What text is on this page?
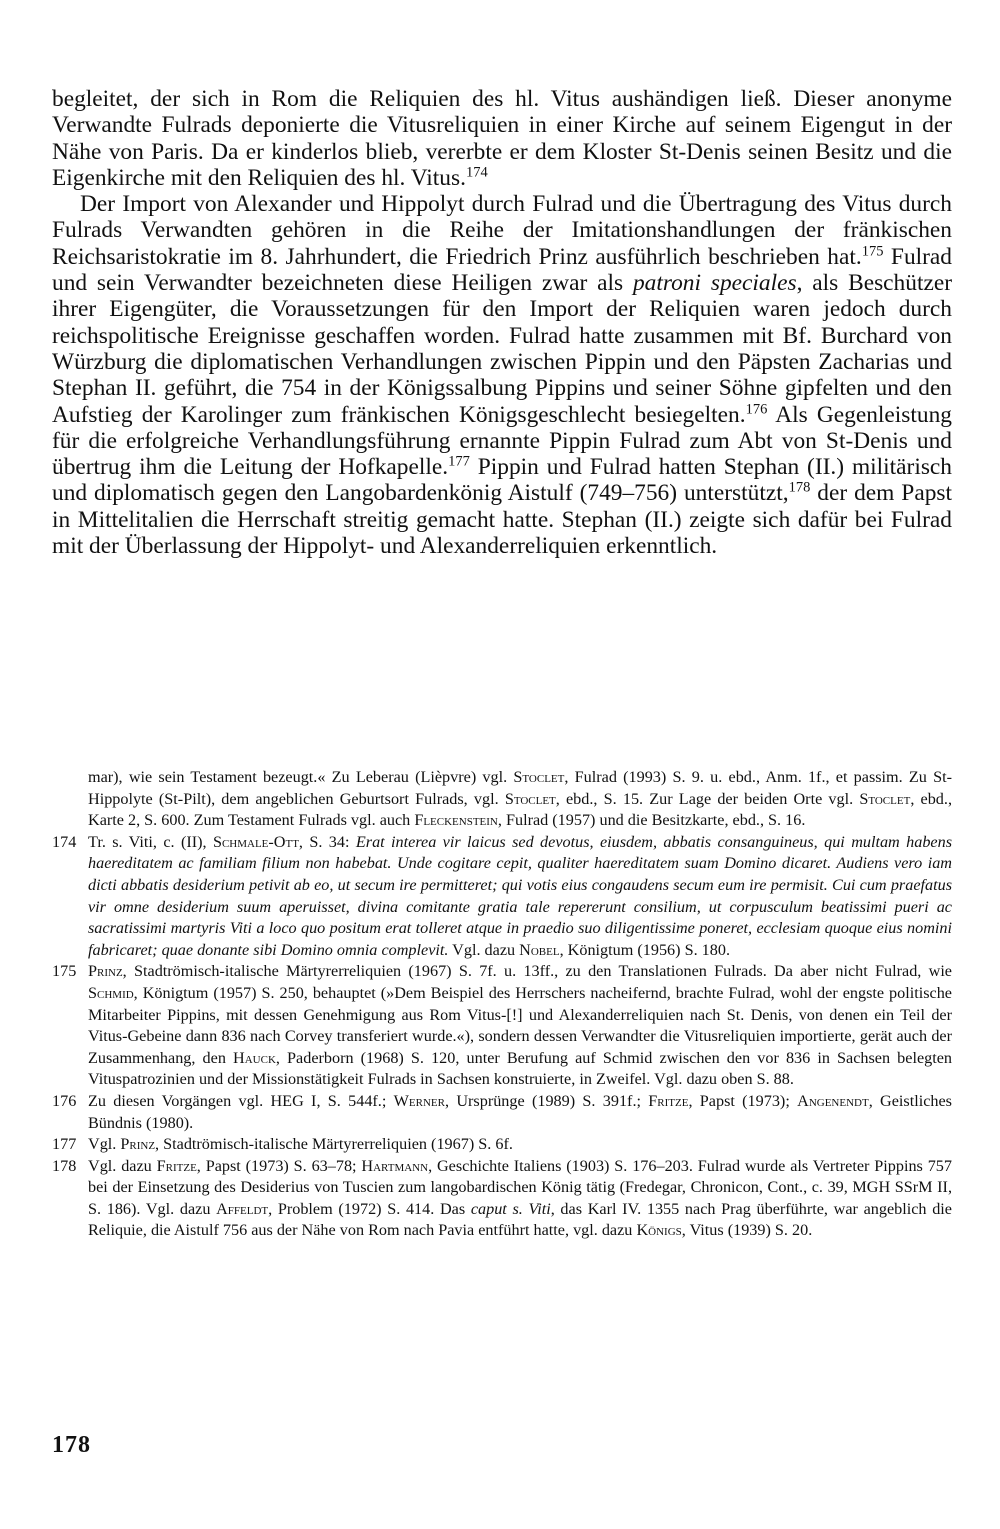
begleitet, der sich in Rom die Reliquien des hl. Vitus aushändigen ließ. Dieser anonyme Verwandte Fulrads deponierte die Vitusreliquien in einer Kirche auf seinem Eigengut in der Nähe von Paris. Da er kinderlos blieb, vererbte er dem Kloster St-Denis seinen Besitz und die Eigenkirche mit den Reliquien des hl. Vitus.$^{174}$

Der Import von Alexander und Hippolyt durch Fulrad und die Übertragung des Vitus durch Fulrads Verwandten gehören in die Reihe der Imitationshandlungen der fränkischen Reichsaristokratie im 8. Jahrhundert, die Friedrich Prinz ausführlich beschrieben hat.$^{175}$ Fulrad und sein Verwandter bezeichneten diese Heiligen zwar als patroni speciales, als Beschützer ihrer Eigengüter, die Voraussetzungen für den Import der Reliquien waren jedoch durch reichspolitische Ereignisse geschaffen worden. Fulrad hatte zusammen mit Bf. Burchard von Würzburg die diplomatischen Verhandlungen zwischen Pippin und den Päpsten Zacharias und Stephan II. geführt, die 754 in der Königssalbung Pippins und seiner Söhne gipfelten und den Aufstieg der Karolinger zum fränkischen Königsgeschlecht besiegelten.$^{176}$ Als Gegenleistung für die erfolgreiche Verhandlungsführung ernannte Pippin Fulrad zum Abt von St-Denis und übertrug ihm die Leitung der Hofkapelle.$^{177}$ Pippin und Fulrad hatten Stephan (II.) militärisch und diplomatisch gegen den Langobardenkönig Aistulf (749–756) unterstützt,$^{178}$ der dem Papst in Mittelitalien die Herrschaft streitig gemacht hatte. Stephan (II.) zeigte sich dafür bei Fulrad mit der Überlassung der Hippolyt- und Alexanderreliquien erkenntlich.

mar), wie sein Testament bezeugt.« Zu Leberau (Lièpvre) vgl. Stoclet, Fulrad (1993) S. 9. u. ebd., Anm. 1f., et passim. Zu St-Hippolyte (St-Pilt), dem angeblichen Geburtsort Fulrads, vgl. Stoclet, ebd., S. 15. Zur Lage der beiden Orte vgl. Stoclet, ebd., Karte 2, S. 600. Zum Testament Fulrads vgl. auch Fleckenstein, Fulrad (1957) und die Besitzkarte, ebd., S. 16.

174 Tr. s. Viti, c. (II), Schmale-Ott, S. 34: Erat interea vir laicus sed devotus, eiusdem, abbatis consanguineus, qui multam habens haereditatem ac familiam filium non habebat. Unde cogitare cepit, qualiter haereditatem suam Domino dicaret. Audiens vero iam dicti abbatis desiderium petivit ab eo, ut secum ire permitteret; qui votis eius congaudens secum eum ire permisit. Cui cum praefatus vir omne desiderium suum aperuisset, divina comitante gratia tale repererunt consilium, ut corpusculum beatissimi pueri ac sacratissimi martyris Viti a loco quo positum erat tolleret atque in praedio suo diligentissime poneret, ecclesiam quoque eius nomini fabricaret; quae donante sibi Domino omnia complevit. Vgl. dazu Nobel, Königtum (1956) S. 180.
175 Prinz, Stadtrömisch-italische Märtyrerreliquien (1967) S. 7f. u. 13ff., zu den Translationen Fulrads. Da aber nicht Fulrad, wie Schmid, Königtum (1957) S. 250, behauptet (»Dem Beispiel des Herrschers nacheifernd, brachte Fulrad, wohl der engste politische Mitarbeiter Pippins, mit dessen Genehmigung aus Rom Vitus-[!] und Alexanderreliquien nach St. Denis, von denen ein Teil der Vitus-Gebeine dann 836 nach Corvey transferiert wurde.«), sondern dessen Verwandter die Vitusreliquien importierte, gerät auch der Zusammenhang, den Hauck, Paderborn (1968) S. 120, unter Berufung auf Schmid zwischen den vor 836 in Sachsen belegten Vituspatrozinien und der Missionstätigkeit Fulrads in Sachsen konstruierte, in Zweifel. Vgl. dazu oben S. 88.
176 Zu diesen Vorgängen vgl. HEG I, S. 544f.; Werner, Ursprünge (1989) S. 391f.; Fritze, Papst (1973); Angenendt, Geistliches Bündnis (1980).
177 Vgl. Prinz, Stadtrömisch-italische Märtyrerreliquien (1967) S. 6f.
178 Vgl. dazu Fritze, Papst (1973) S. 63–78; Hartmann, Geschichte Italiens (1903) S. 176–203. Fulrad wurde als Vertreter Pippins 757 bei der Einsetzung des Desiderius von Tuscien zum langobardischen König tätig (Fredegar, Chronicon, Cont., c. 39, MGH SSrM II, S. 186). Vgl. dazu Affeldt, Problem (1972) S. 414. Das caput s. Viti, das Karl IV. 1355 nach Prag überführte, war angeblich die Reliquie, die Aistulf 756 aus der Nähe von Rom nach Pavia entführt hatte, vgl. dazu Königs, Vitus (1939) S. 20.
178
